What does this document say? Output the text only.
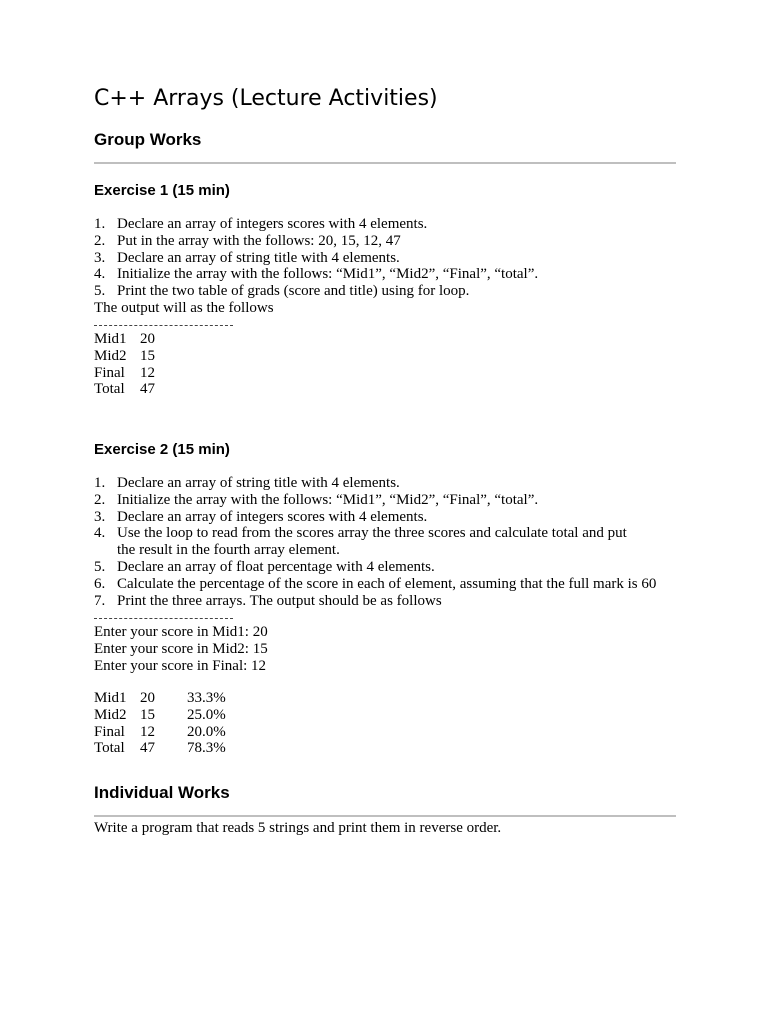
C++ Arrays (Lecture Activities)
Group Works
Exercise 1 (15 min)
1. Declare an array of integers scores with 4 elements.
2. Put in the array with the follows: 20, 15, 12, 47
3. Declare an array of string title with 4 elements.
4. Initialize the array with the follows: “Mid1”, “Mid2”, “Final”, “total”.
5. Print the two table of grads (score and title) using for loop.
The output will as the follows
Mid1 20
Mid2 15
Final 12
Total 47
Exercise 2 (15 min)
1. Declare an array of string title with 4 elements.
2. Initialize the array with the follows: “Mid1”, “Mid2”, “Final”, “total”.
3. Declare an array of integers scores with 4 elements.
4. Use the loop to read from the scores array the three scores and calculate total and put
the result in the fourth array element.
5. Declare an array of float percentage with 4 elements.
6. Calculate the percentage of the score in each of element, assuming that the full mark is 60
7. Print the three arrays. The output should be as follows
Enter your score in Mid1: 20
Enter your score in Mid2: 15
Enter your score in Final: 12
Mid1 20 33.3%
Mid2 15 25.0%
Final 12 20.0%
Total 47 78.3%
Individual Works
Write a program that reads 5 strings and print them in reverse order.
